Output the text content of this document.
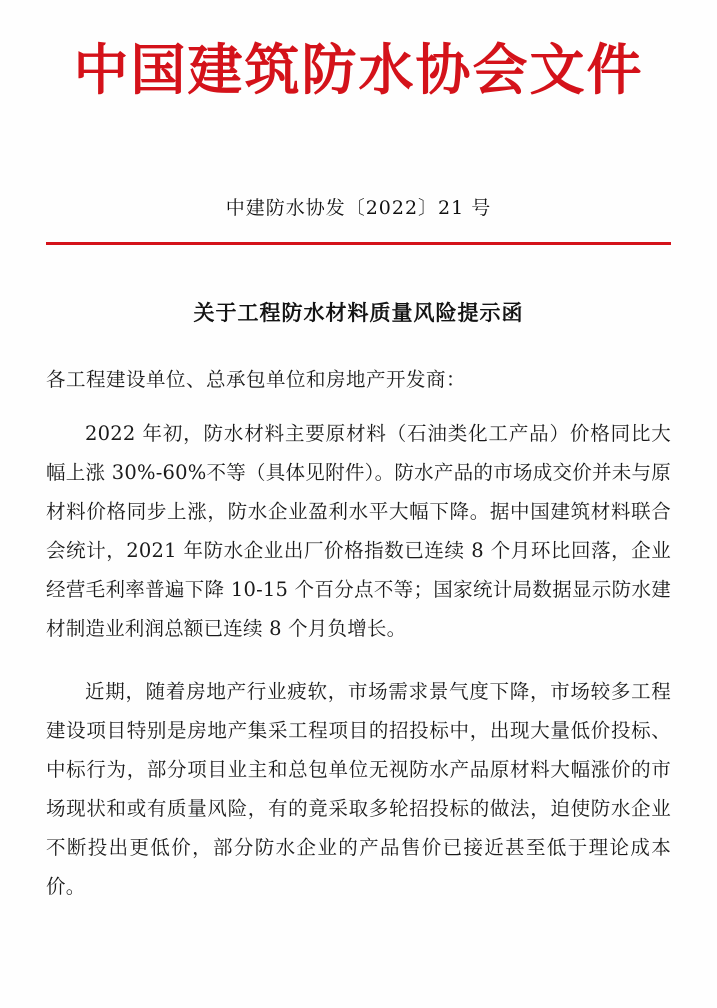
中国建筑防水协会文件
中建防水协发〔2022〕21 号
关于工程防水材料质量风险提示函
各工程建设单位、总承包单位和房地产开发商：
2022 年初，防水材料主要原材料（石油类化工产品）价格同比大幅上涨 30%-60%不等（具体见附件）。防水产品的市场成交价并未与原材料价格同步上涨，防水企业盈利水平大幅下降。据中国建筑材料联合会统计，2021 年防水企业出厂价格指数已连续 8 个月环比回落，企业经营毛利率普遍下降 10-15 个百分点不等；国家统计局数据显示防水建材制造业利润总额已连续 8 个月负增长。
近期，随着房地产行业疲软，市场需求景气度下降，市场较多工程建设项目特别是房地产集采工程项目的招投标中，出现大量低价投标、中标行为，部分项目业主和总包单位无视防水产品原材料大幅涨价的市场现状和或有质量风险，有的竟采取多轮招投标的做法，迫使防水企业不断投出更低价，部分防水企业的产品售价已接近甚至低于理论成本价。
